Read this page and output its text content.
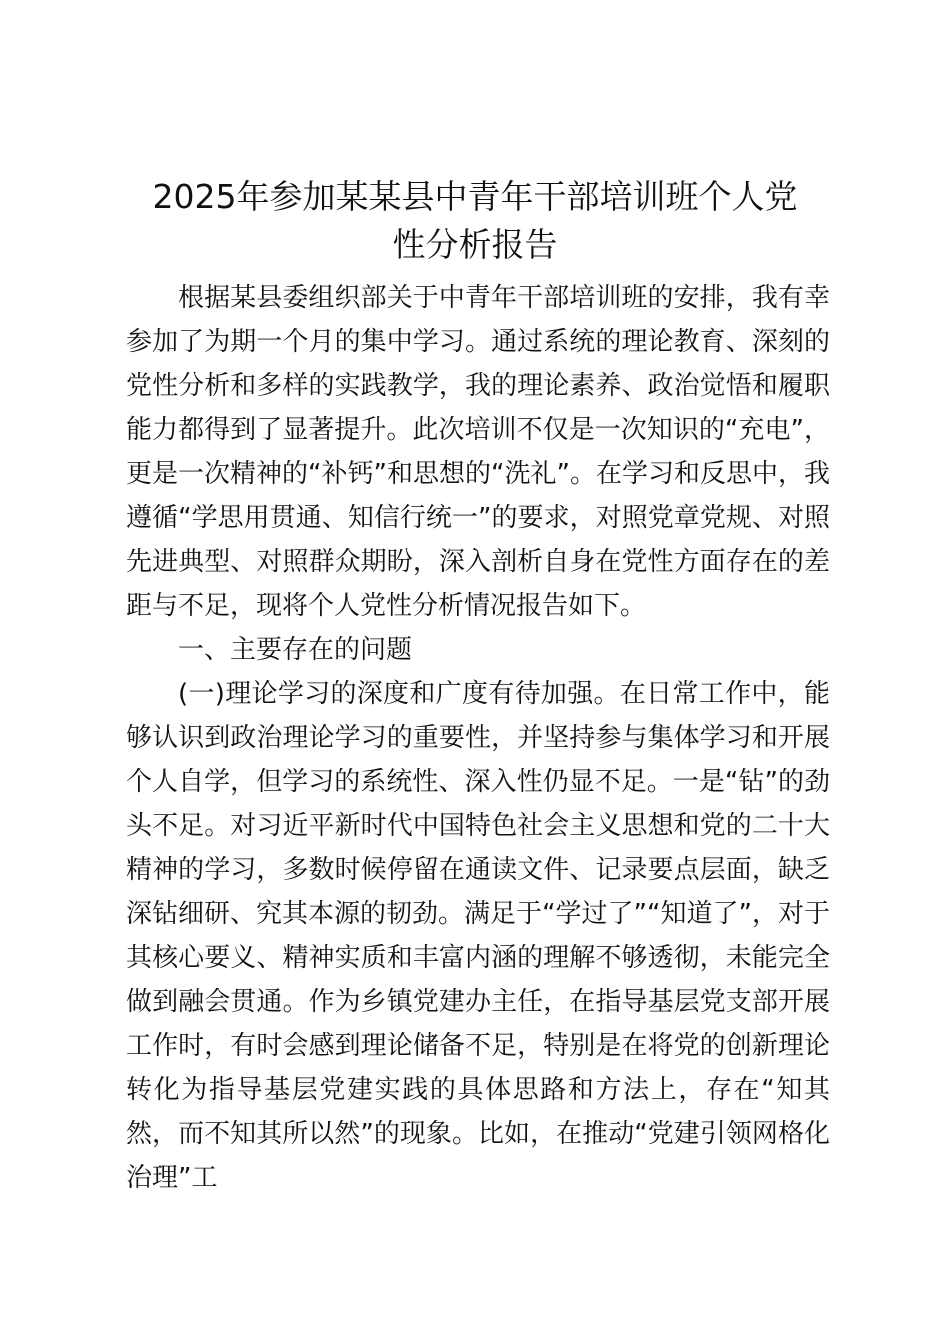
2025年参加某某县中青年干部培训班个人党
性分析报告

根据某县委组织部关于中青年干部培训班的安排，我有幸参加了为期一个月的集中学习。通过系统的理论教育、深刻的党性分析和多样的实践教学，我的理论素养、政治觉悟和履职能力都得到了显著提升。此次培训不仅是一次知识的“充电”，更是一次精神的“补钙”和思想的“洗礼”。在学习和反思中，我遵循“学思用贯通、知信行统一”的要求，对照党章党规、对照先进典型、对照群众期盼，深入剖析自身在党性方面存在的差距与不足，现将个人党性分析情况报告如下。

一、主要存在的问题

(一)理论学习的深度和广度有待加强。在日常工作中，能够认识到政治理论学习的重要性，并坚持参与集体学习和开展个人自学，但学习的系统性、深入性仍显不足。一是“钻”的劲头不足。对习近平新时代中国特色社会主义思想和党的二十大精神的学习，多数时候停留在通读文件、记录要点层面，缺乏深钻细研、究其本源的韧劲。满足于“学过了”“知道了”，对于其核心要义、精神实质和丰富内涵的理解不够透彻，未能完全做到融会贯通。作为乡镇党建办主任，在指导基层党支部开展工作时，有时会感到理论储备不足，特别是在将党的创新理论转化为指导基层党建实践的具体思路和方法上，存在“知其然，而不知其所以然”的现象。比如，在推动“党建引领网格化治理”工
